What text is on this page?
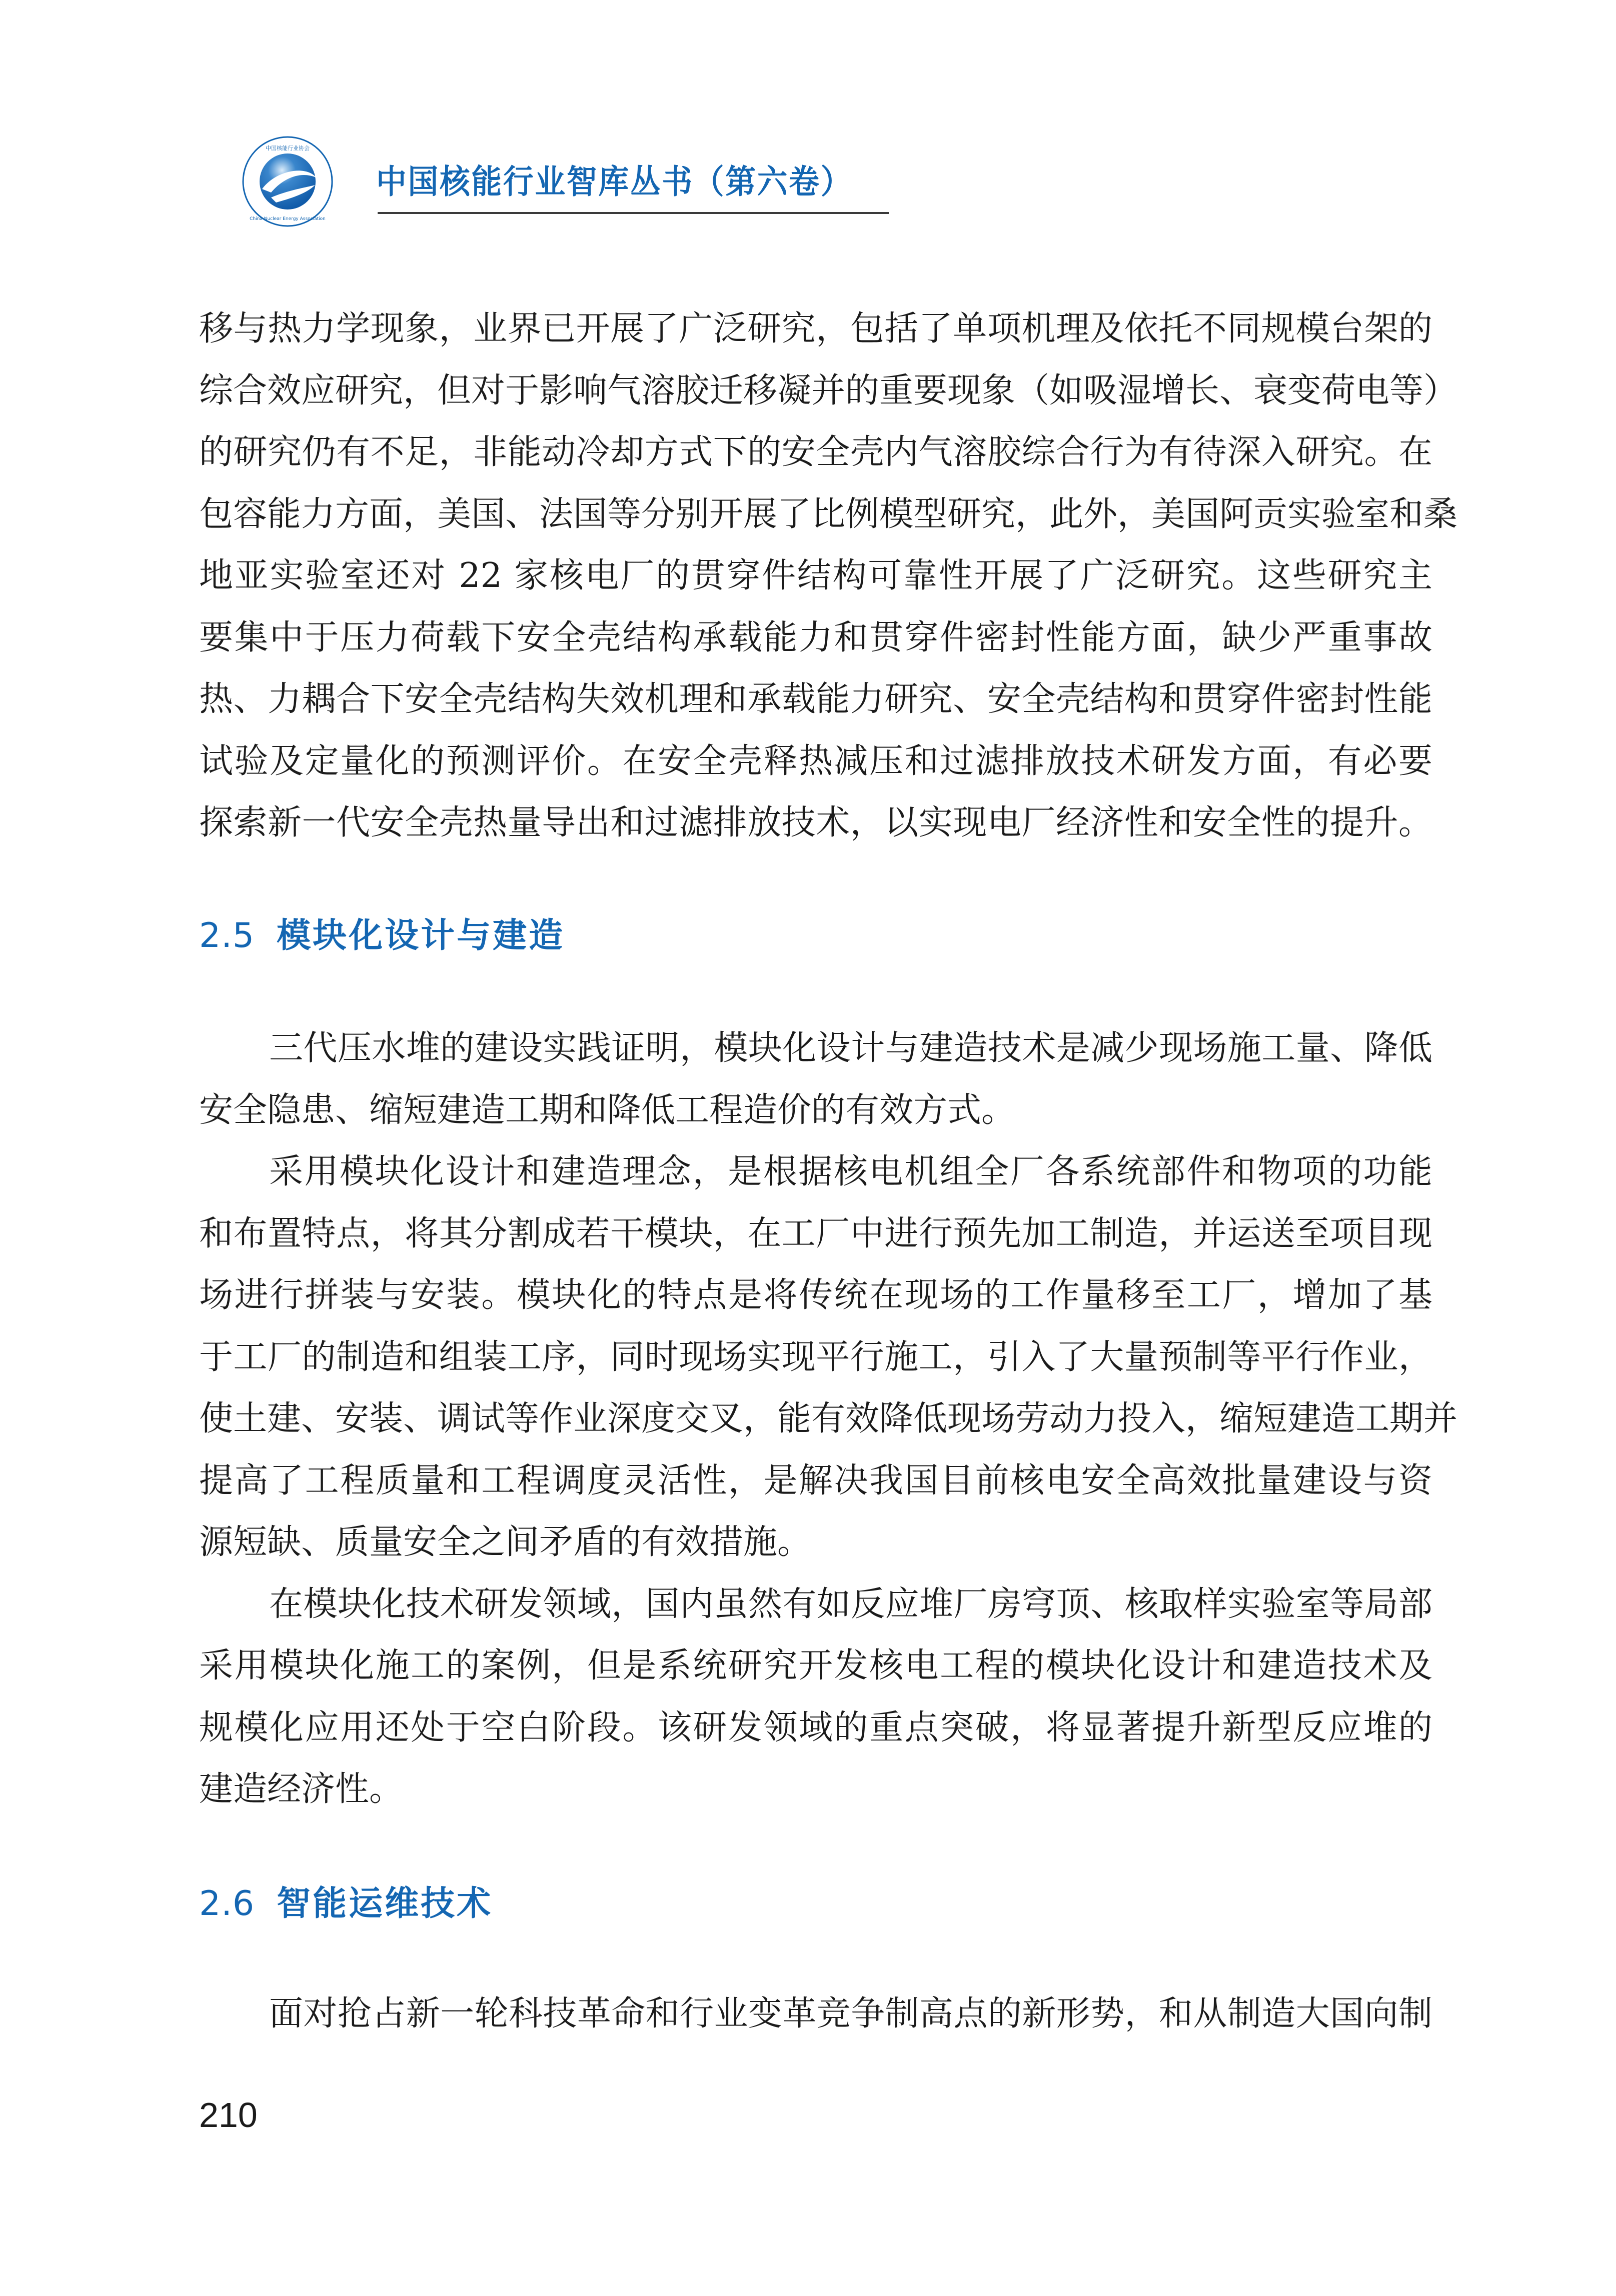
中国核能行业协会
China Nuclear Energy Association
中国核能行业智库丛书（第六卷）
移与热力学现象，业界已开展了广泛研究，包括了单项机理及依托不同规模台架的
综合效应研究，但对于影响气溶胶迁移凝并的重要现象（如吸湿增长、衰变荷电等）
的研究仍有不足，非能动冷却方式下的安全壳内气溶胶综合行为有待深入研究。在
包容能力方面，美国、法国等分别开展了比例模型研究，此外，美国阿贡实验室和桑
地亚实验室还对 22 家核电厂的贯穿件结构可靠性开展了广泛研究。这些研究主
要集中于压力荷载下安全壳结构承载能力和贯穿件密封性能方面，缺少严重事故
热、力耦合下安全壳结构失效机理和承载能力研究、安全壳结构和贯穿件密封性能
试验及定量化的预测评价。在安全壳释热减压和过滤排放技术研发方面，有必要
探索新一代安全壳热量导出和过滤排放技术，以实现电厂经济性和安全性的提升。
2.5 模块化设计与建造
三代压水堆的建设实践证明，模块化设计与建造技术是减少现场施工量、降低
安全隐患、缩短建造工期和降低工程造价的有效方式。
采用模块化设计和建造理念，是根据核电机组全厂各系统部件和物项的功能
和布置特点，将其分割成若干模块，在工厂中进行预先加工制造，并运送至项目现
场进行拼装与安装。模块化的特点是将传统在现场的工作量移至工厂，增加了基
于工厂的制造和组装工序，同时现场实现平行施工，引入了大量预制等平行作业，
使土建、安装、调试等作业深度交叉，能有效降低现场劳动力投入，缩短建造工期并
提高了工程质量和工程调度灵活性，是解决我国目前核电安全高效批量建设与资
源短缺、质量安全之间矛盾的有效措施。
在模块化技术研发领域，国内虽然有如反应堆厂房穹顶、核取样实验室等局部
采用模块化施工的案例，但是系统研究开发核电工程的模块化设计和建造技术及
规模化应用还处于空白阶段。该研发领域的重点突破，将显著提升新型反应堆的
建造经济性。
2.6 智能运维技术
面对抢占新一轮科技革命和行业变革竞争制高点的新形势，和从制造大国向制
210
